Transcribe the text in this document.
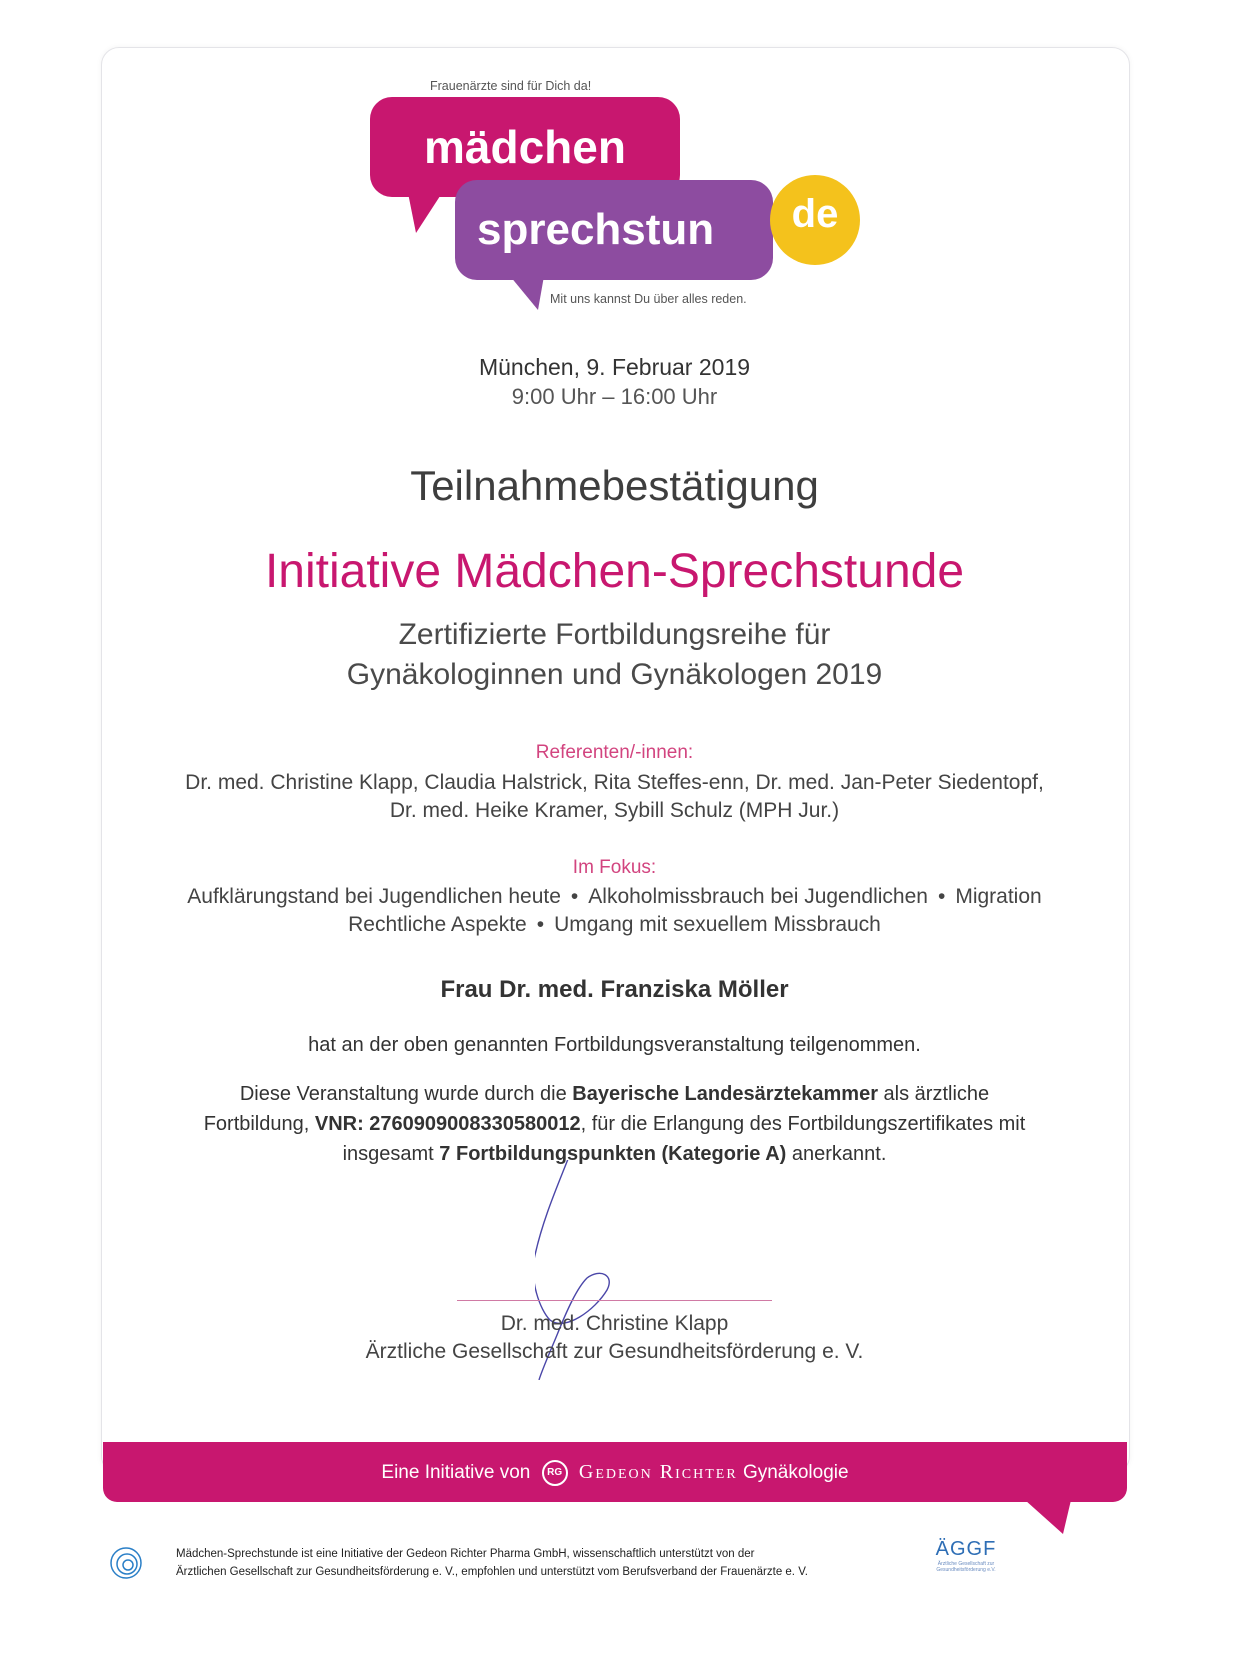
Frauenärzte sind für Dich da!
mädchen
sprechstun	de
Mit uns kannst Du über alles reden.
München, 9. Februar 2019
9:00 Uhr – 16:00 Uhr
Teilnahmebestätigung
Initiative Mädchen-Sprechstunde
Zertifizierte Fortbildungsreihe für
Gynäkologinnen und Gynäkologen 2019
Referenten/-innen:
Dr. med. Christine Klapp, Claudia Halstrick, Rita Steffes-enn, Dr. med. Jan-Peter Siedentopf,
Dr. med. Heike Kramer, Sybill Schulz (MPH Jur.)
Im Fokus:
Aufklärungstand bei Jugendlichen heute • Alkoholmissbrauch bei Jugendlichen • Migration
Rechtliche Aspekte • Umgang mit sexuellem Missbrauch
Frau Dr. med. Franziska Möller
hat an der oben genannten Fortbildungsveranstaltung teilgenommen.
Diese Veranstaltung wurde durch die Bayerische Landesärztekammer als ärztliche
Fortbildung, VNR: 2760909008330580012, für die Erlangung des Fortbildungszertifikates mit
insgesamt 7 Fortbildungspunkten (Kategorie A) anerkannt.
Dr. med. Christine Klapp
Ärztliche Gesellschaft zur Gesundheitsförderung e. V.
Eine Initiative von RG Gedeon Richter Gynäkologie
Mädchen-Sprechstunde ist eine Initiative der Gedeon Richter Pharma GmbH, wissenschaftlich unterstützt von der
Ärztlichen Gesellschaft zur Gesundheitsförderung e. V., empfohlen und unterstützt vom Berufsverband der Frauenärzte e. V.
ÄGGF
Ärztliche Gesellschaft zur Gesundheitsförderung e.V.
